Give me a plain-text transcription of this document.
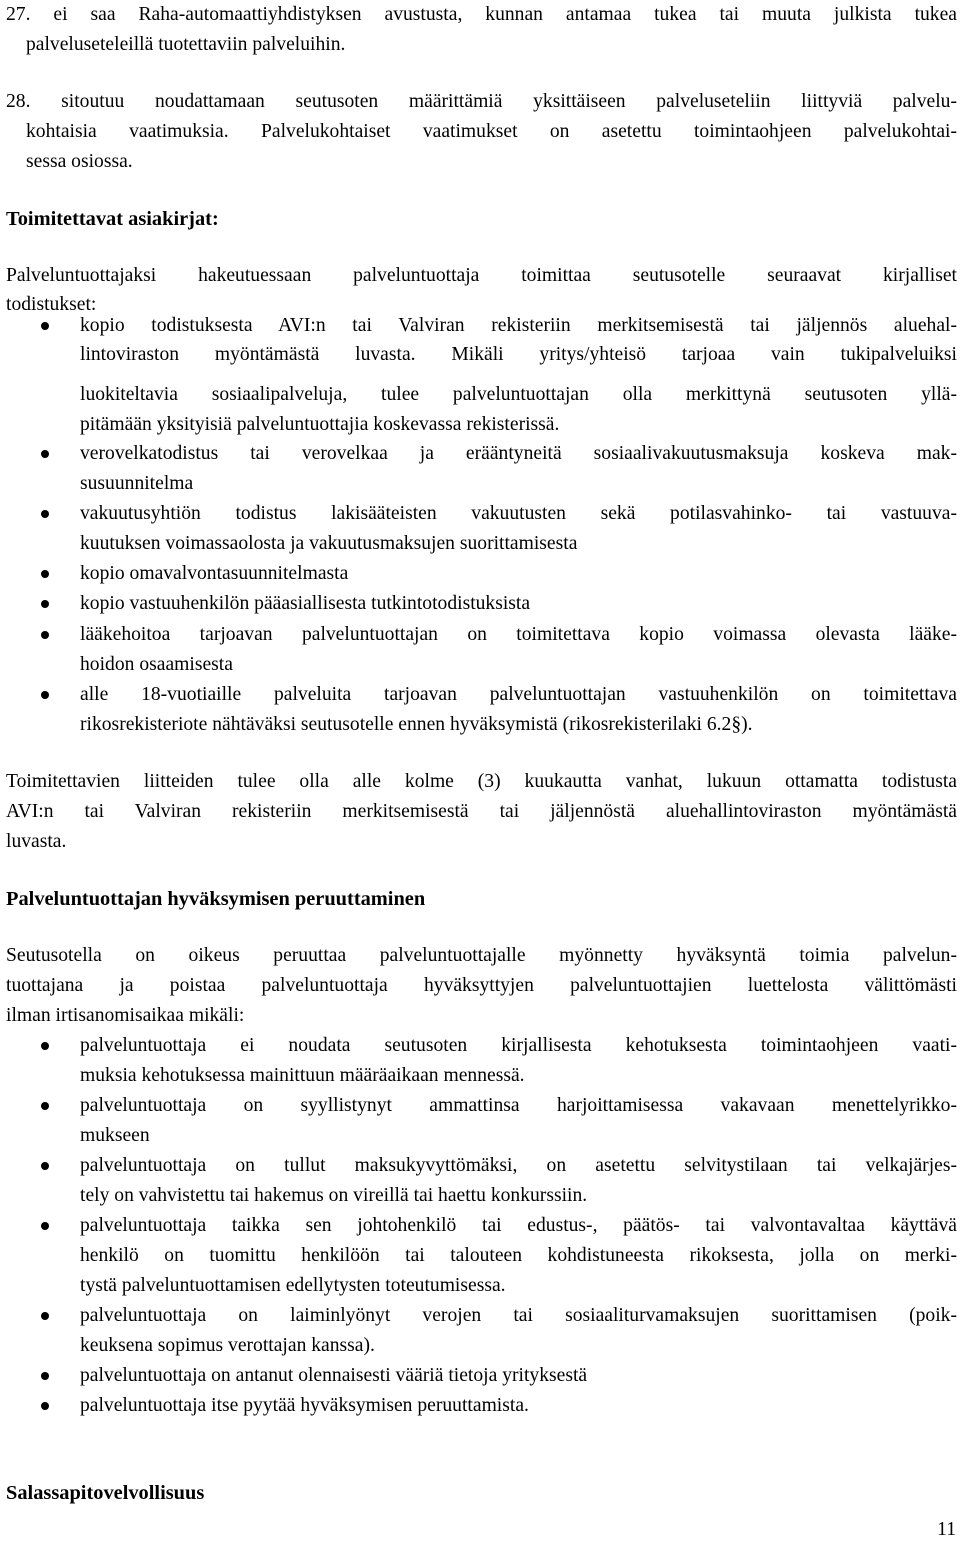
27. ei saa Raha-automaattiyhdistyksen avustusta, kunnan antamaa tukea tai muuta julkista tukea
palveluseteleillä tuotettaviin palveluihin.
28. sitoutuu noudattamaan seutusoten määrittämiä yksittäiseen palveluseteliin liittyviä palvelu-
kohtaisia vaatimuksia. Palvelukohtaiset vaatimukset on asetettu toimintaohjeen palvelukohtai-
sessa osiossa.
Toimitettavat asiakirjat:
Palveluntuottajaksi hakeutuessaan palveluntuottaja toimittaa seutusotelle seuraavat kirjalliset
todistukset:
kopio todistuksesta AVI:n tai Valviran rekisteriin merkitsemisestä tai jäljennös aluehal-
lintoviraston myöntämästä luvasta. Mikäli yritys/yhteisö tarjoaa vain tukipalveluiksi
luokiteltavia sosiaalipalveluja, tulee palveluntuottajan olla merkittynä seutusoten yllä-
pitämään yksityisiä palveluntuottajia koskevassa rekisterissä.
verovelkatodistus tai verovelkaa ja erääntyneitä sosiaalivakuutusmaksuja koskeva mak-
susuunnitelma
vakuutusyhtiön todistus lakisääteisten vakuutusten sekä potilasvahinko- tai vastuuva-
kuutuksen voimassaolosta ja vakuutusmaksujen suorittamisesta
kopio omavalvontasuunnitelmasta
kopio vastuuhenkilön pääasiallisesta tutkintotodistuksista
lääkehoitoa tarjoavan palveluntuottajan on toimitettava kopio voimassa olevasta lääke-
hoidon osaamisesta
alle 18-vuotiaille palveluita tarjoavan palveluntuottajan vastuuhenkilön on toimitettava
rikosrekisteriote nähtäväksi seutusotelle ennen hyväksymistä (rikosrekisterilaki 6.2§).
Toimitettavien liitteiden tulee olla alle kolme (3) kuukautta vanhat, lukuun ottamatta todistusta
AVI:n tai Valviran rekisteriin merkitsemisestä tai jäljennöstä aluehallintoviraston myöntämästä
luvasta.
Palveluntuottajan hyväksymisen peruuttaminen
Seutusotella on oikeus peruuttaa palveluntuottajalle myönnetty hyväksyntä toimia palvelun-
tuottajana ja poistaa palveluntuottaja hyväksyttyjen palveluntuottajien luettelosta välittömästi
ilman irtisanomisaikaa mikäli:
palveluntuottaja ei noudata seutusoten kirjallisesta kehotuksesta toimintaohjeen vaati-
muksia kehotuksessa mainittuun määräaikaan mennessä.
palveluntuottaja on syyllistynyt ammattinsa harjoittamisessa vakavaan menettelyrikko-
mukseen
palveluntuottaja on tullut maksukyvyttömäksi, on asetettu selvitystilaan tai velkajärjes-
tely on vahvistettu tai hakemus on vireillä tai haettu konkurssiin.
palveluntuottaja taikka sen johtohenkilö tai edustus-, päätös- tai valvontavaltaa käyttävä
henkilö on tuomittu henkilöön tai talouteen kohdistuneesta rikoksesta, jolla on merki-
tystä palveluntuottamisen edellytysten toteutumisessa.
palveluntuottaja on laiminlyönyt verojen tai sosiaaliturvamaksujen suorittamisen (poik-
keuksena sopimus verottajan kanssa).
palveluntuottaja on antanut olennaisesti vääriä tietoja yrityksestä
palveluntuottaja itse pyytää hyväksymisen peruuttamista.
Salassapitovelvollisuus
11
